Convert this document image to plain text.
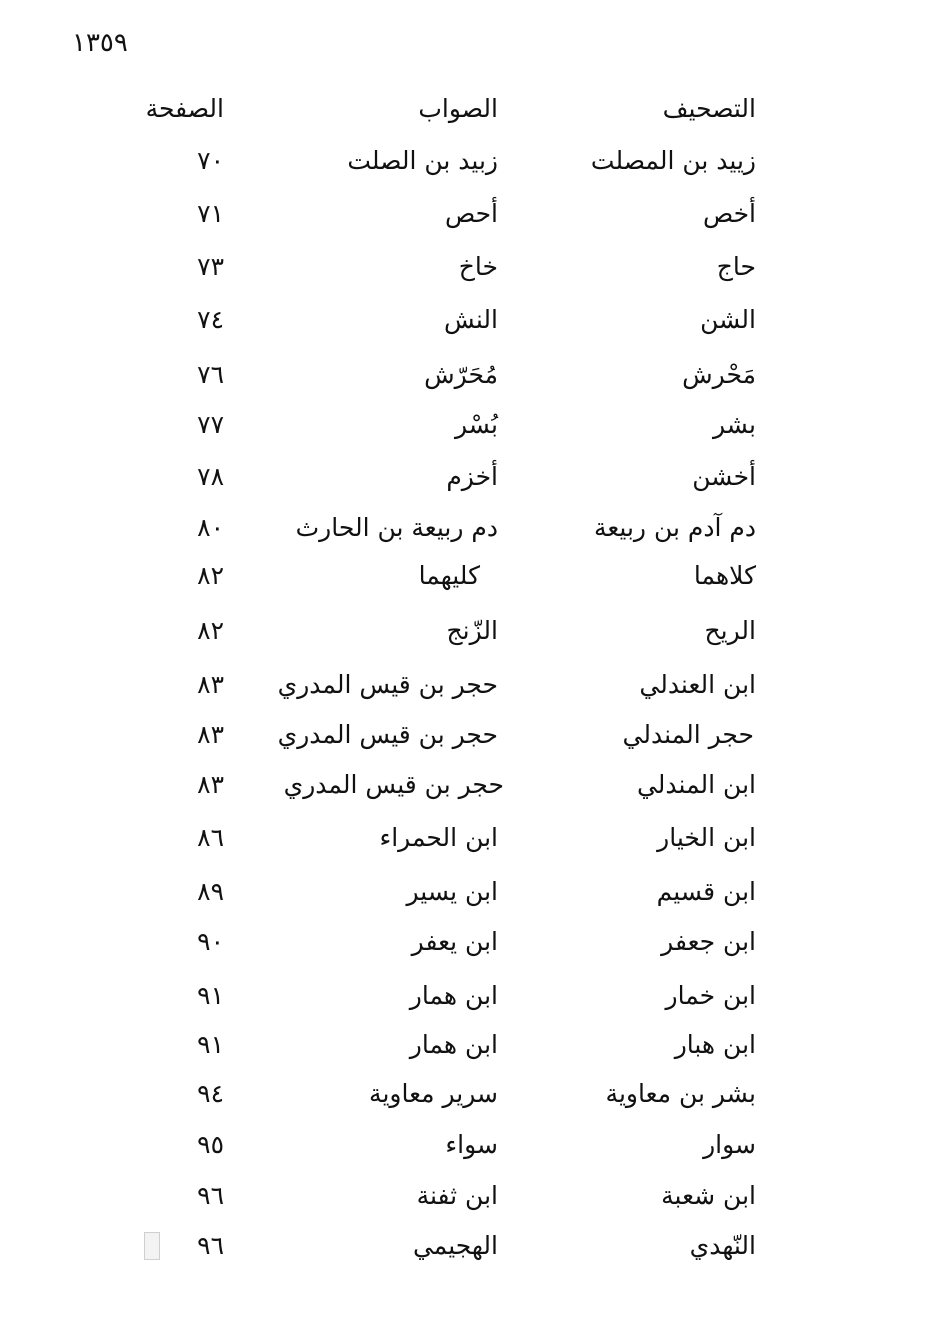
١٣٥٩
التصحيف
الصواب
الصفحة
زييد بن المصلت
زبيد بن الصلت
٧٠
أخص
أحص
٧١
حاج
خاخ
٧٣
الشن
النش
٧٤
مَحْرش
مُحَرّش
٧٦
بشر
بُسْر
٧٧
أخشن
أخزم
٧٨
دم آدم بن ربيعة
دم ربيعة بن الحارث
٨٠
كلاهما
كليهما
٨٢
الريح
الزّنج
٨٢
ابن العندلي
حجر بن قيس المدري
٨٣
حجر المندلي
حجر بن قيس المدري
٨٣
ابن المندلي
حجر بن قيس المدري
٨٣
ابن الخيار
ابن الحمراء
٨٦
ابن قسيم
ابن يسير
٨٩
ابن جعفر
ابن يعفر
٩٠
ابن خمار
ابن همار
٩١
ابن هبار
ابن همار
٩١
بشر بن معاوية
سرير معاوية
٩٤
سوار
سواء
٩٥
ابن شعبة
ابن ثفنة
٩٦
النّهدي
الهجيمي
٩٦
